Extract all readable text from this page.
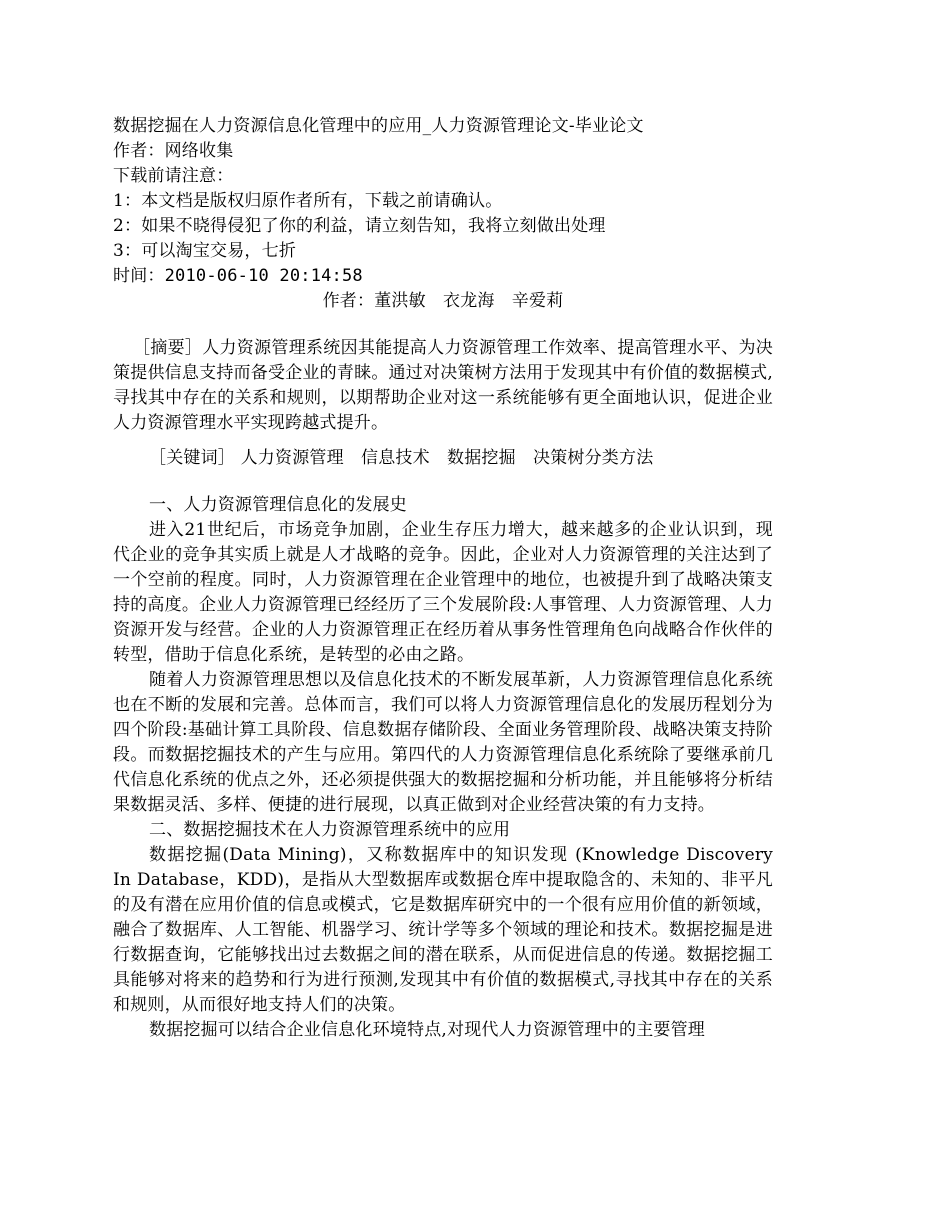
数据挖掘在人力资源信息化管理中的应用_人力资源管理论文-毕业论文
作者：网络收集
下载前请注意：
1：本文档是版权归原作者所有，下载之前请确认。
2：如果不晓得侵犯了你的利益，请立刻告知，我将立刻做出处理
3：可以淘宝交易，七折
时间：2010-06-10 20:14:58
作者：董洪敏　衣龙海　辛爱莉
［摘要］人力资源管理系统因其能提高人力资源管理工作效率、提高管理水平、为决策提供信息支持而备受企业的青睐。通过对决策树方法用于发现其中有价值的数据模式,寻找其中存在的关系和规则，以期帮助企业对这一系统能够有更全面地认识，促进企业人力资源管理水平实现跨越式提升。
［关键词］ 人力资源管理　信息技术　数据挖掘　决策树分类方法
一、人力资源管理信息化的发展史
进入21世纪后，市场竞争加剧，企业生存压力增大，越来越多的企业认识到，现代企业的竞争其实质上就是人才战略的竞争。因此，企业对人力资源管理的关注达到了一个空前的程度。同时，人力资源管理在企业管理中的地位，也被提升到了战略决策支持的高度。企业人力资源管理已经经历了三个发展阶段:人事管理、人力资源管理、人力资源开发与经营。企业的人力资源管理正在经历着从事务性管理角色向战略合作伙伴的转型，借助于信息化系统，是转型的必由之路。
随着人力资源管理思想以及信息化技术的不断发展革新，人力资源管理信息化系统也在不断的发展和完善。总体而言，我们可以将人力资源管理信息化的发展历程划分为四个阶段:基础计算工具阶段、信息数据存储阶段、全面业务管理阶段、战略决策支持阶段。而数据挖掘技术的产生与应用。第四代的人力资源管理信息化系统除了要继承前几代信息化系统的优点之外，还必须提供强大的数据挖掘和分析功能，并且能够将分析结果数据灵活、多样、便捷的进行展现，以真正做到对企业经营决策的有力支持。
二、数据挖掘技术在人力资源管理系统中的应用
数据挖掘(Data Mining)，又称数据库中的知识发现 (Knowledge Discovery In Database，KDD)，是指从大型数据库或数据仓库中提取隐含的、未知的、非平凡的及有潜在应用价值的信息或模式，它是数据库研究中的一个很有应用价值的新领域，融合了数据库、人工智能、机器学习、统计学等多个领域的理论和技术。数据挖掘是进行数据查询，它能够找出过去数据之间的潜在联系，从而促进信息的传递。数据挖掘工具能够对将来的趋势和行为进行预测,发现其中有价值的数据模式,寻找其中存在的关系和规则，从而很好地支持人们的决策。
数据挖掘可以结合企业信息化环境特点,对现代人力资源管理中的主要管理
